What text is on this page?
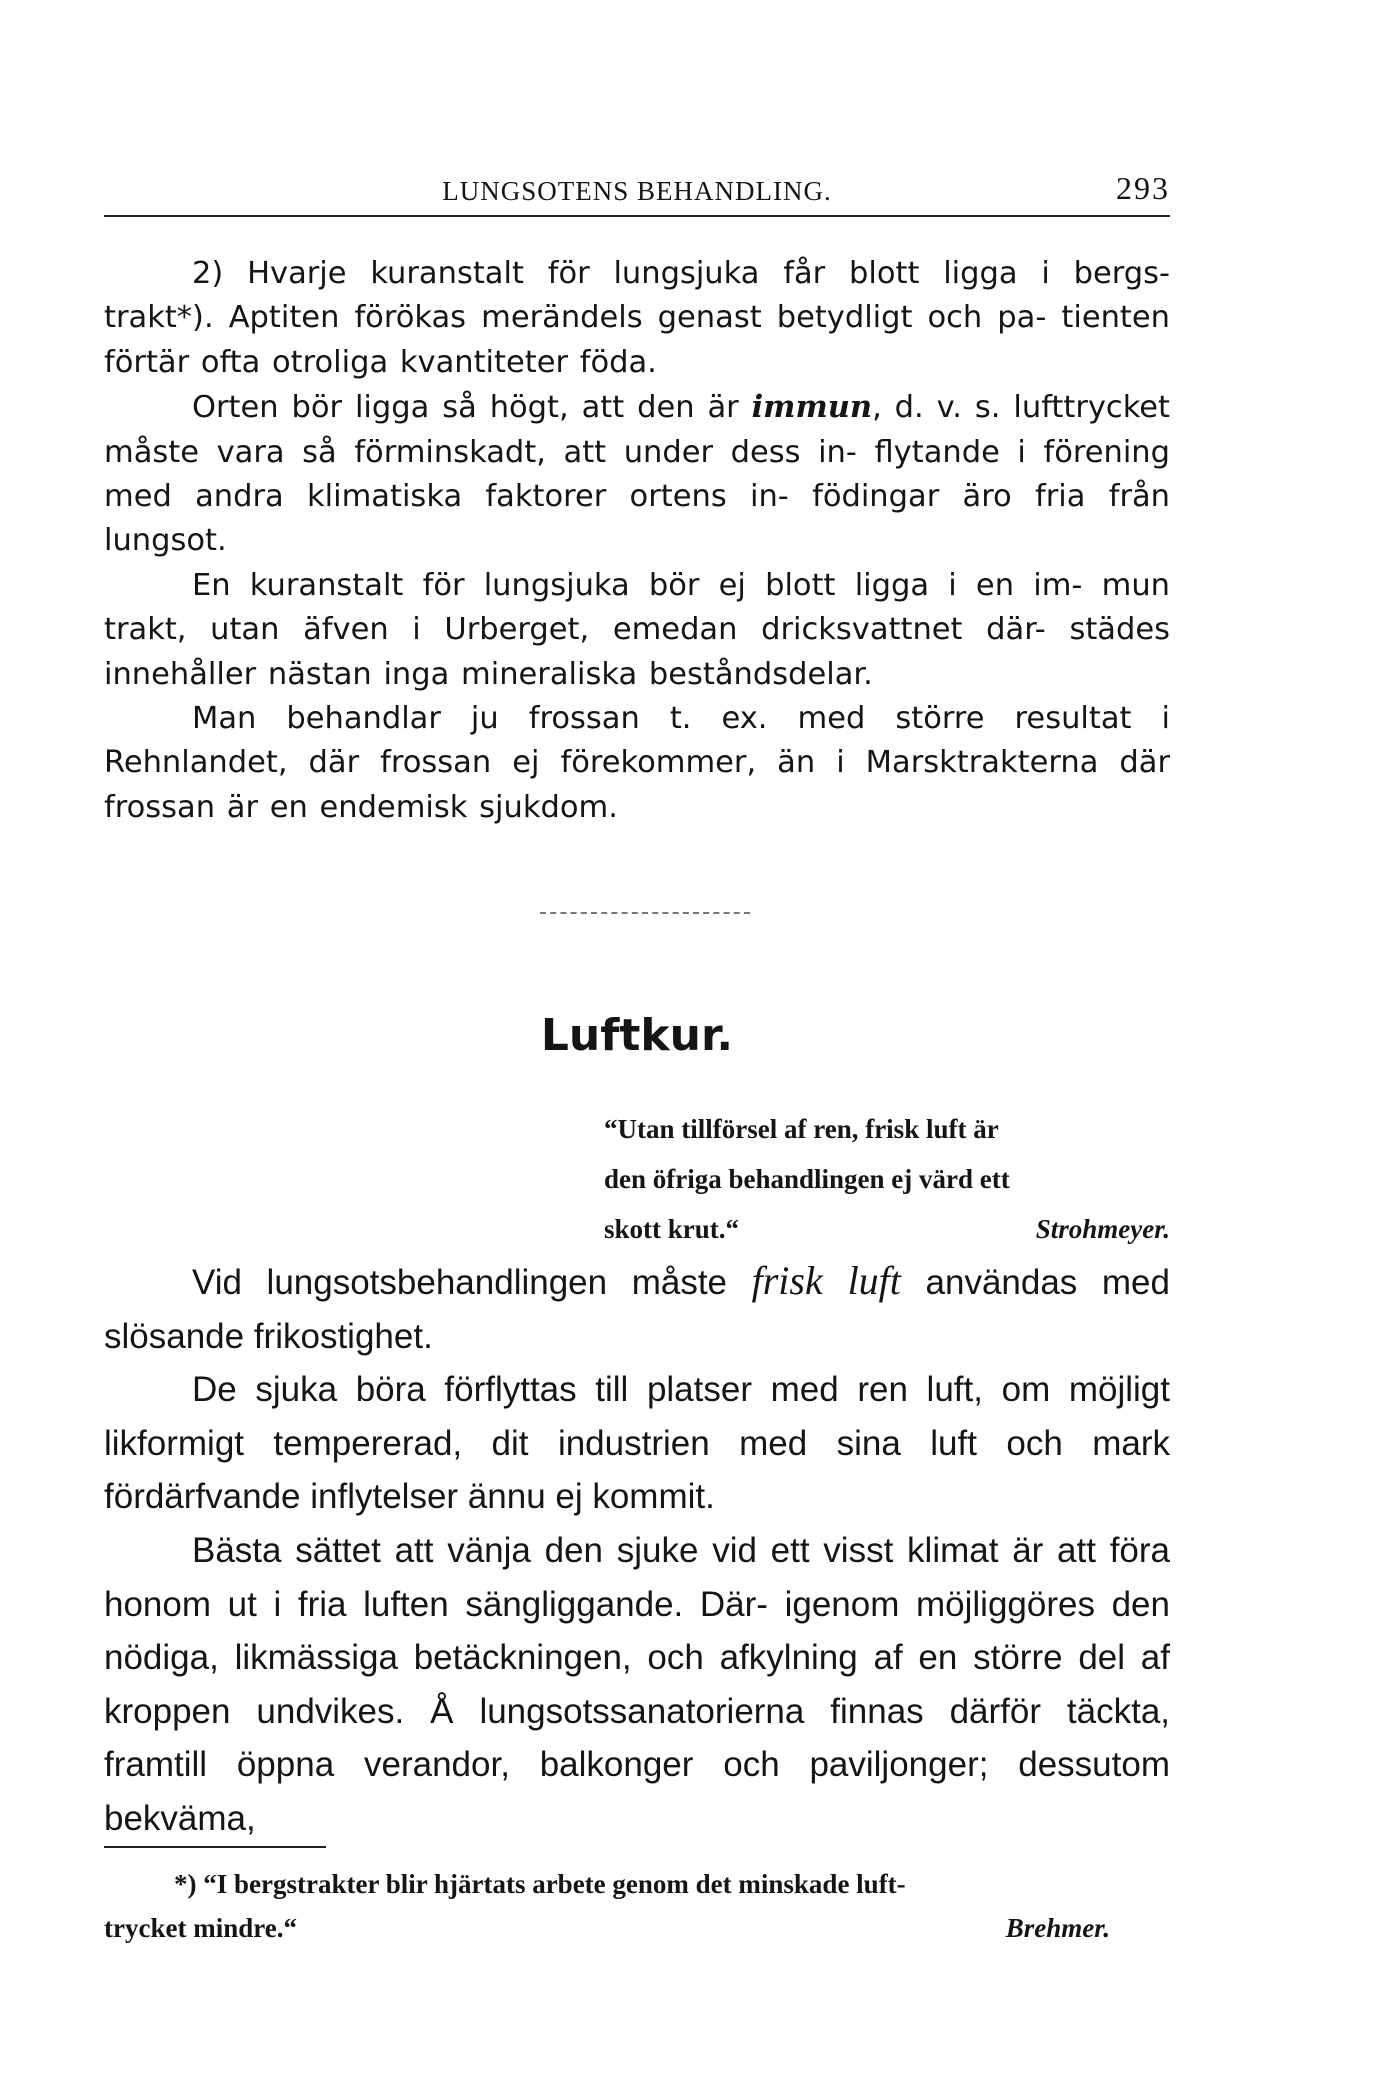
LUNGSOTENS BEHANDLING.	293

2) Hvarje kuranstalt för lungsjuka får blott ligga i bergs- trakt*). Aptiten förökas merändels genast betydligt och pa- tienten förtär ofta otroliga kvantiteter föda.

Orten bör ligga så högt, att den är immun, d. v. s. lufttrycket måste vara så förminskadt, att under dess in- flytande i förening med andra klimatiska faktorer ortens in- födingar äro fria från lungsot.

En kuranstalt för lungsjuka bör ej blott ligga i en im- mun trakt, utan äfven i Urberget, emedan dricksvattnet där- städes innehåller nästan inga mineraliska beståndsdelar.

Man behandlar ju frossan t. ex. med större resultat i Rehnlandet, där frossan ej förekommer, än i Marsktrakterna där frossan är en endemisk sjukdom.

Luftkur.
“Utan tillförsel af ren, frisk luft är
den öfriga behandlingen ej värd ett
skott krut.“	Strohmeyer.

Vid lungsotsbehandlingen måste frisk luft användas med slösande frikostighet.

De sjuka böra förflyttas till platser med ren luft, om möjligt likformigt tempererad, dit industrien med sina luft och mark fördärfvande inflytelser ännu ej kommit.

Bästa sättet att vänja den sjuke vid ett visst klimat är att föra honom ut i fria luften sängliggande. Där- igenom möjliggöres den nödiga, likmässiga betäckningen, och afkylning af en större del af kroppen undvikes. Å lungsotssanatorierna finnas därför täckta, framtill öppna verandor, balkonger och paviljonger; dessutom bekväma,

*) “I bergstrakter blir hjärtats arbete genom det minskade luft-

trycket mindre.“	Brehmer.
